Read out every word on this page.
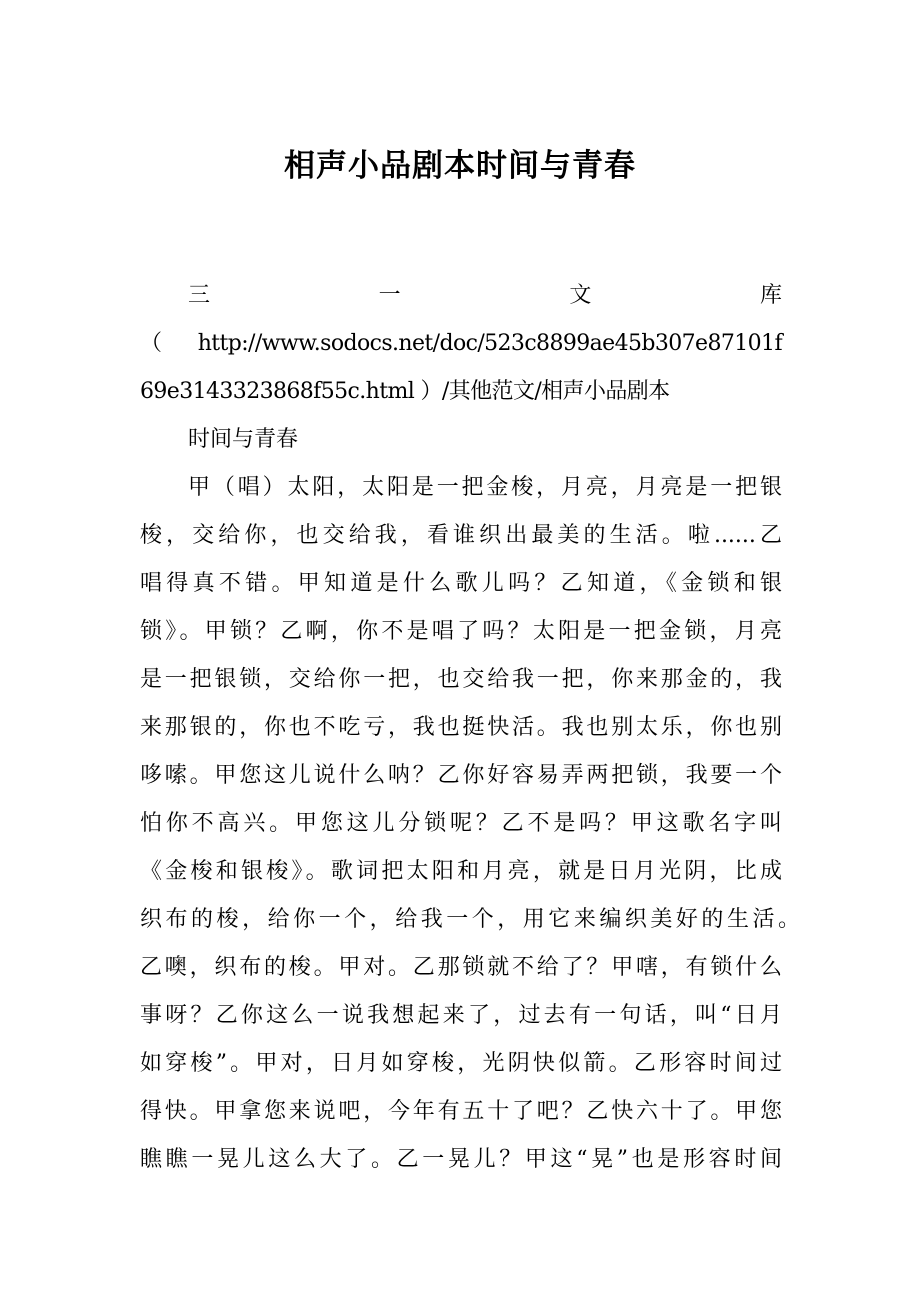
相声小品剧本时间与青春
三	一	文	库
（ http://www.sodocs.net/doc/523c8899ae45b307e87101f
69e3143323868f55c.html ）/其他范文/相声小品剧本
时间与青春
甲（唱）太阳，太阳是一把金梭，月亮，月亮是一把银
梭，交给你，也交给我，看谁织出最美的生活。啦......乙
唱得真不错。甲知道是什么歌儿吗？乙知道，《金锁和银
锁》。甲锁？乙啊，你不是唱了吗？太阳是一把金锁，月亮
是一把银锁，交给你一把，也交给我一把，你来那金的，我
来那银的，你也不吃亏，我也挺快活。我也别太乐，你也别
哆嗦。甲您这儿说什么呐？乙你好容易弄两把锁，我要一个
怕你不高兴。甲您这儿分锁呢？乙不是吗？甲这歌名字叫
《金梭和银梭》。歌词把太阳和月亮，就是日月光阴，比成
织布的梭，给你一个，给我一个，用它来编织美好的生活。
乙噢，织布的梭。甲对。乙那锁就不给了？甲嗐，有锁什么
事呀？乙你这么一说我想起来了，过去有一句话，叫“日月
如穿梭”。甲对，日月如穿梭，光阴快似箭。乙形容时间过
得快。甲拿您来说吧，今年有五十了吧？乙快六十了。甲您
瞧瞧一晃儿这么大了。乙一晃儿？甲这“晃”也是形容时间
